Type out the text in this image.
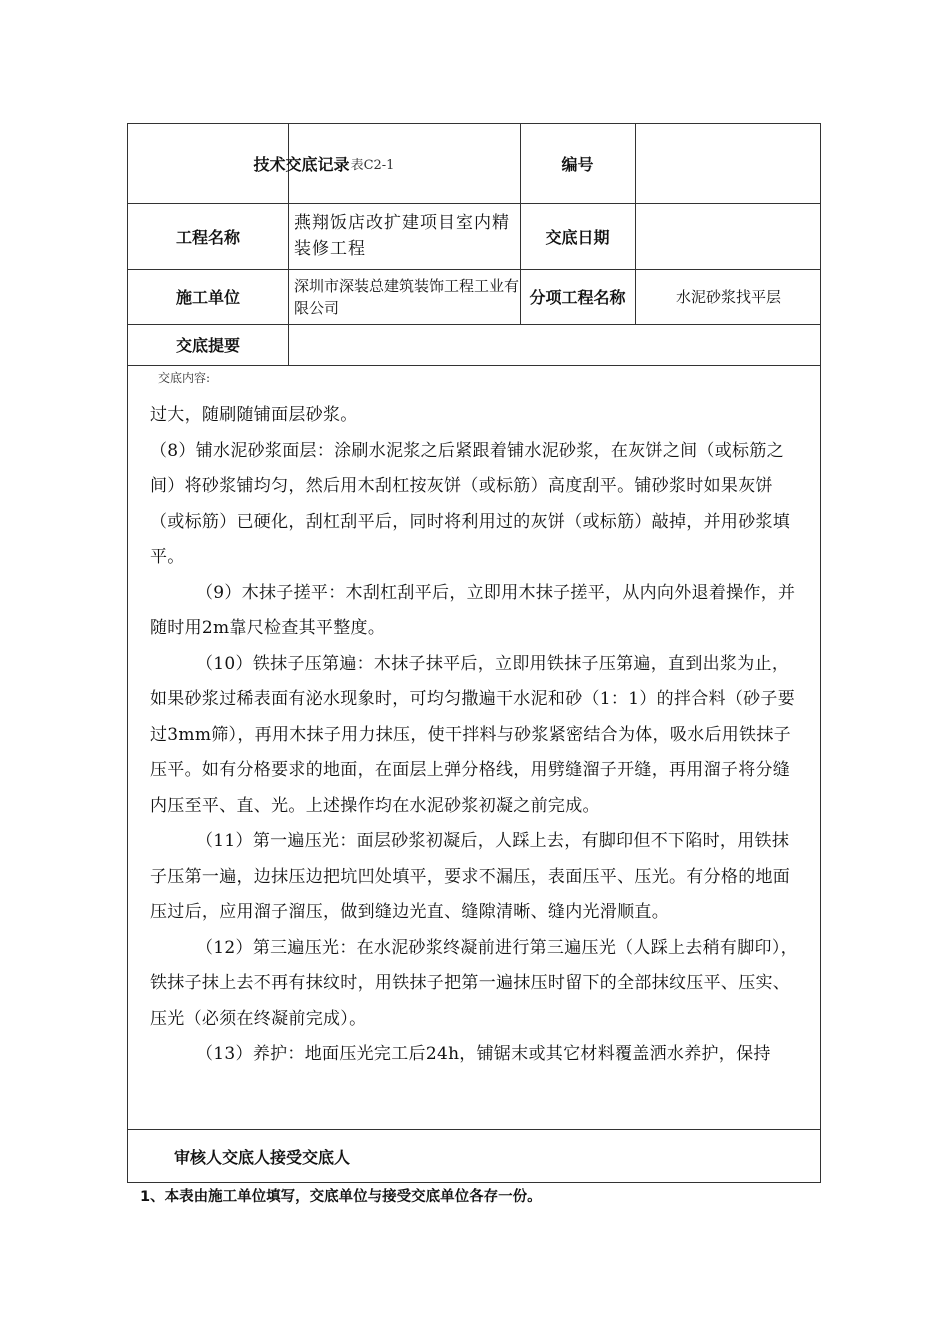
技术交底记录 表C2-1	编号
工程名称
燕翔饭店改扩建项目室内精装修工程
交底日期
施工单位
深圳市深装总建筑装饰工程工业有限公司
分项工程名称	水泥砂浆找平层
交底提要
交底内容:

过大，随刷随铺面层砂浆。

（8）铺水泥砂浆面层：涂刷水泥浆之后紧跟着铺水泥砂浆，在灰饼之间（或标筋之间）将砂浆铺均匀，然后用木刮杠按灰饼（或标筋）高度刮平。铺砂浆时如果灰饼（或标筋）已硬化，刮杠刮平后，同时将利用过的灰饼（或标筋）敲掉，并用砂浆填平。

（9）木抹子搓平：木刮杠刮平后，立即用木抹子搓平，从内向外退着操作，并随时用2m靠尺检查其平整度。

（10）铁抹子压第遍：木抹子抹平后，立即用铁抹子压第遍，直到出浆为止，如果砂浆过稀表面有泌水现象时，可均匀撒遍干水泥和砂（1：1）的拌合料（砂子要过3mm筛），再用木抹子用力抹压，使干拌料与砂浆紧密结合为体，吸水后用铁抹子压平。如有分格要求的地面，在面层上弹分格线，用劈缝溜子开缝，再用溜子将分缝内压至平、直、光。上述操作均在水泥砂浆初凝之前完成。

（11）第一遍压光：面层砂浆初凝后，人踩上去，有脚印但不下陷时，用铁抹子压第一遍，边抹压边把坑凹处填平，要求不漏压，表面压平、压光。有分格的地面压过后，应用溜子溜压，做到缝边光直、缝隙清晰、缝内光滑顺直。

（12）第三遍压光：在水泥砂浆终凝前进行第三遍压光（人踩上去稍有脚印），铁抹子抹上去不再有抹纹时，用铁抹子把第一遍抹压时留下的全部抹纹压平、压实、压光（必须在终凝前完成）。

（13）养护：地面压光完工后24h，铺锯末或其它材料覆盖洒水养护，保持

审核人交底人接受交底人
1、本表由施工单位填写，交底单位与接受交底单位各存一份。
